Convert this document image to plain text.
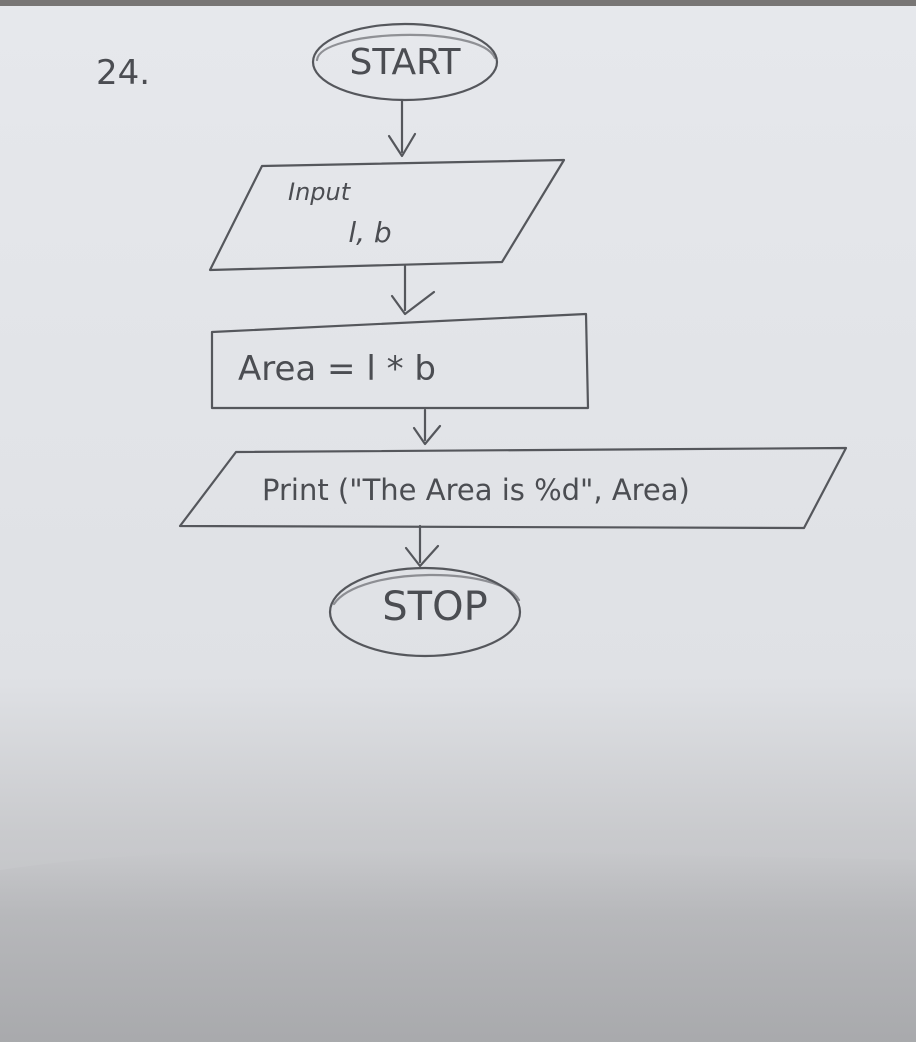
24.	START
Input
l, b
Area = l * b
Print ("The Area is %d", Area)
STOP
